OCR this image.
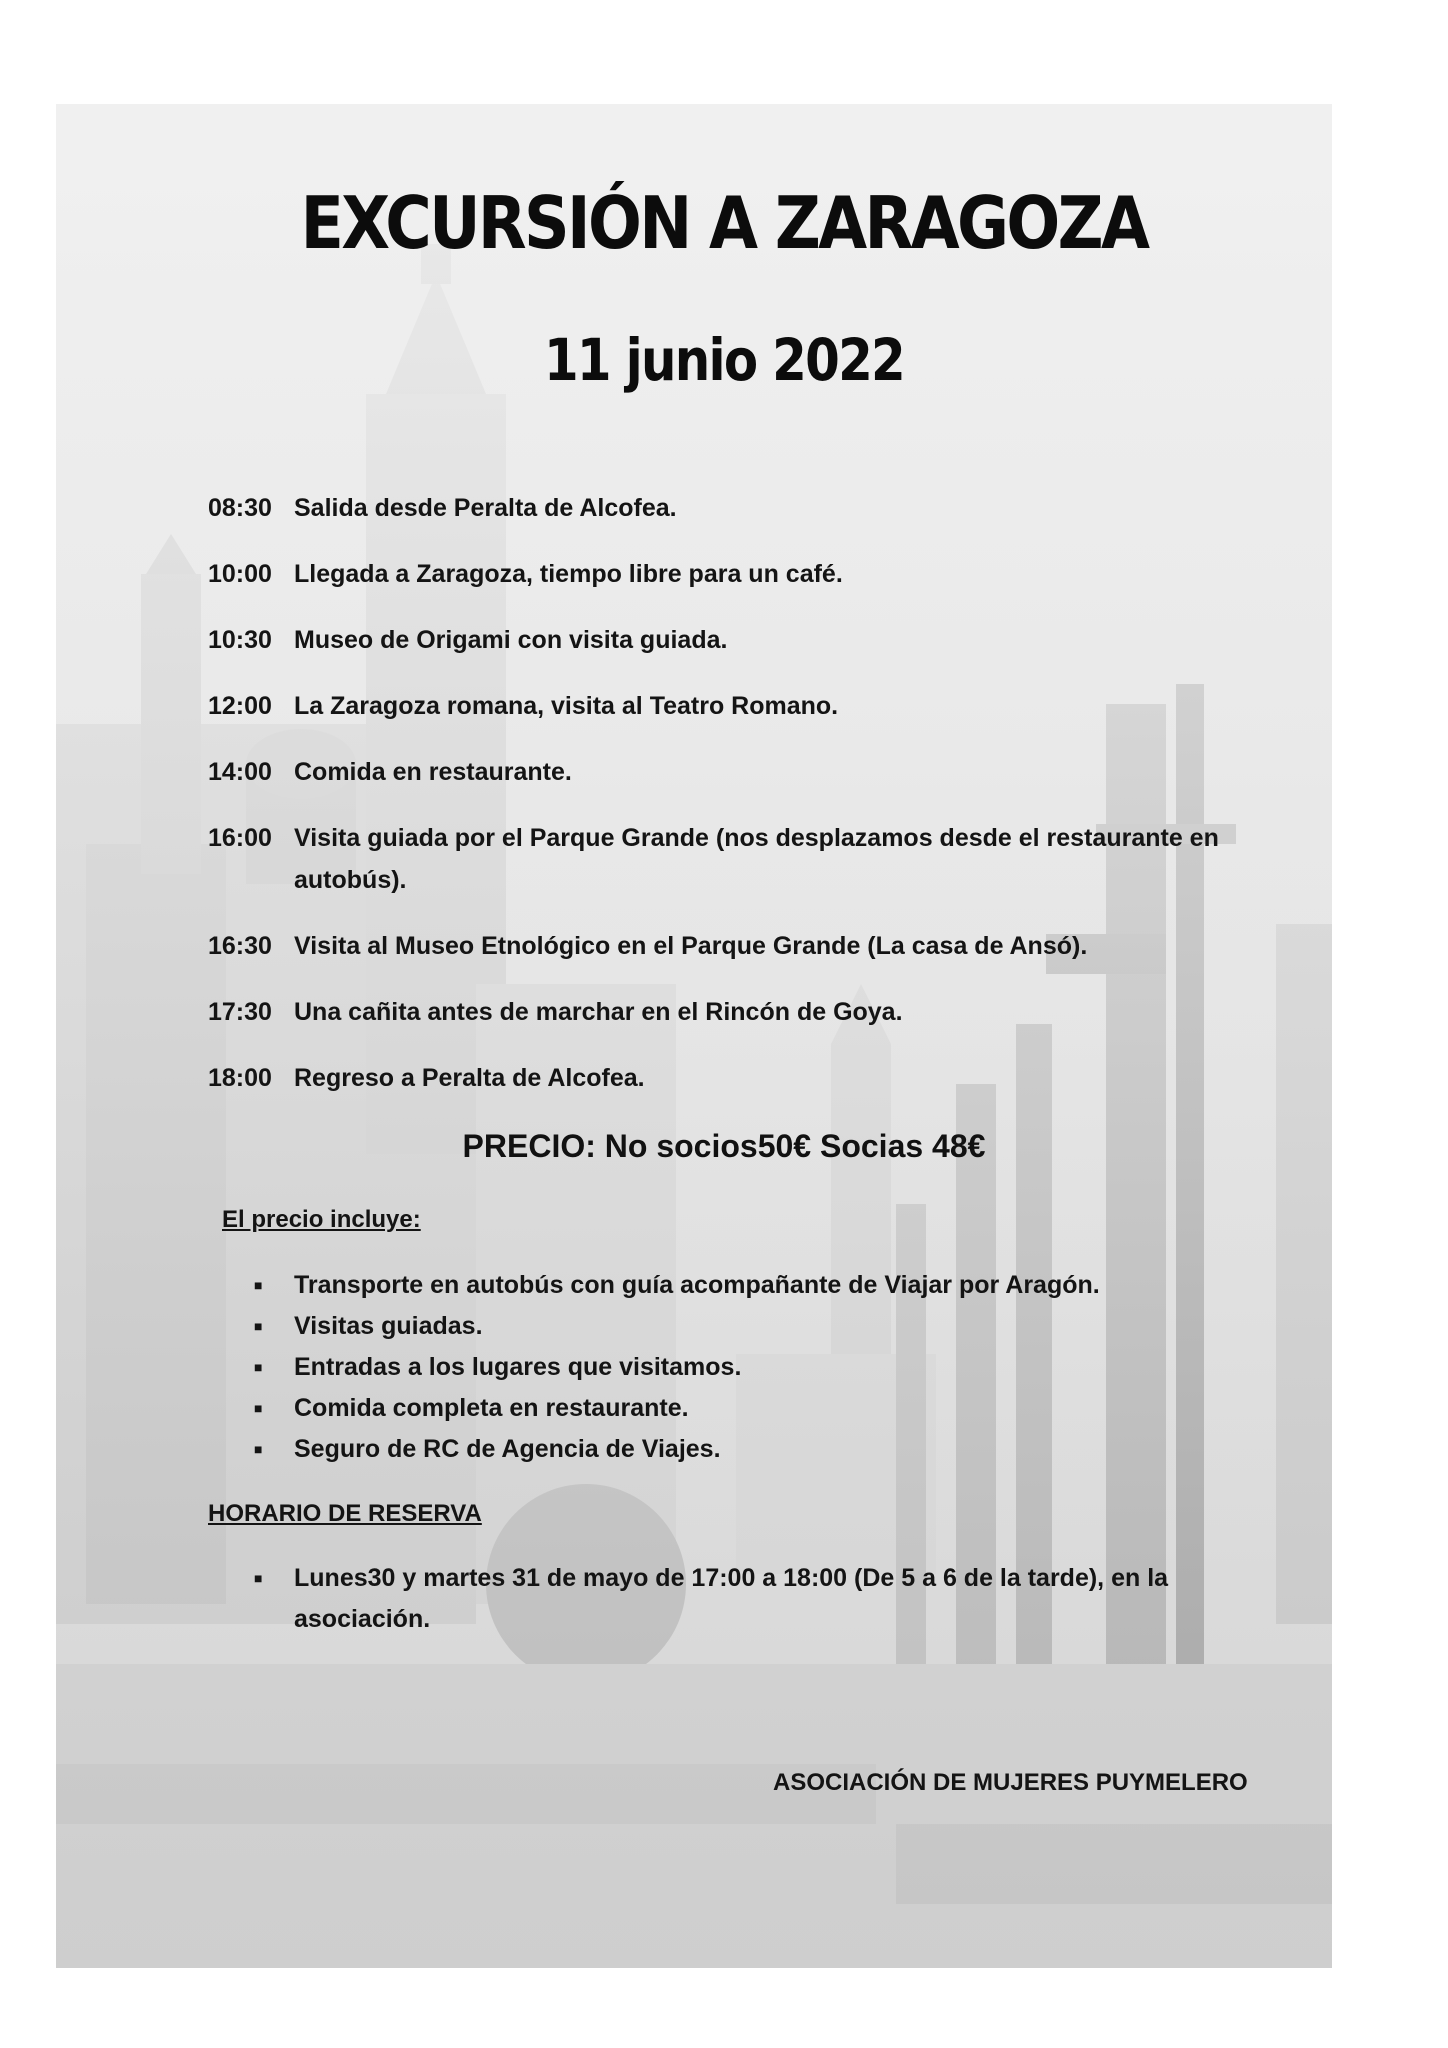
EXCURSIÓN A ZARAGOZA
11 junio 2022
08:30 Salida desde Peralta de Alcofea.
10:00 Llegada a Zaragoza, tiempo libre para un café.
10:30 Museo de Origami con visita guiada.
12:00 La Zaragoza romana, visita al Teatro Romano.
14:00 Comida en restaurante.
16:00 Visita guiada por el Parque Grande (nos desplazamos desde el restaurante en autobús).
16:30 Visita al Museo Etnológico en el Parque Grande (La casa de Ansó).
17:30 Una cañita antes de marchar en el Rincón de Goya.
18:00 Regreso a Peralta de Alcofea.
PRECIO: No socios50€ Socias 48€
El precio incluye:
■	Transporte en autobús con guía acompañante de Viajar por Aragón.
■	Visitas guiadas.
■	Entradas a los lugares que visitamos.
■	Comida completa en restaurante.
■	Seguro de RC de Agencia de Viajes.
HORARIO DE RESERVA
■	Lunes30 y martes 31 de mayo de 17:00 a 18:00 (De 5 a 6 de la tarde), en la asociación.
ASOCIACIÓN DE MUJERES PUYMELERO
